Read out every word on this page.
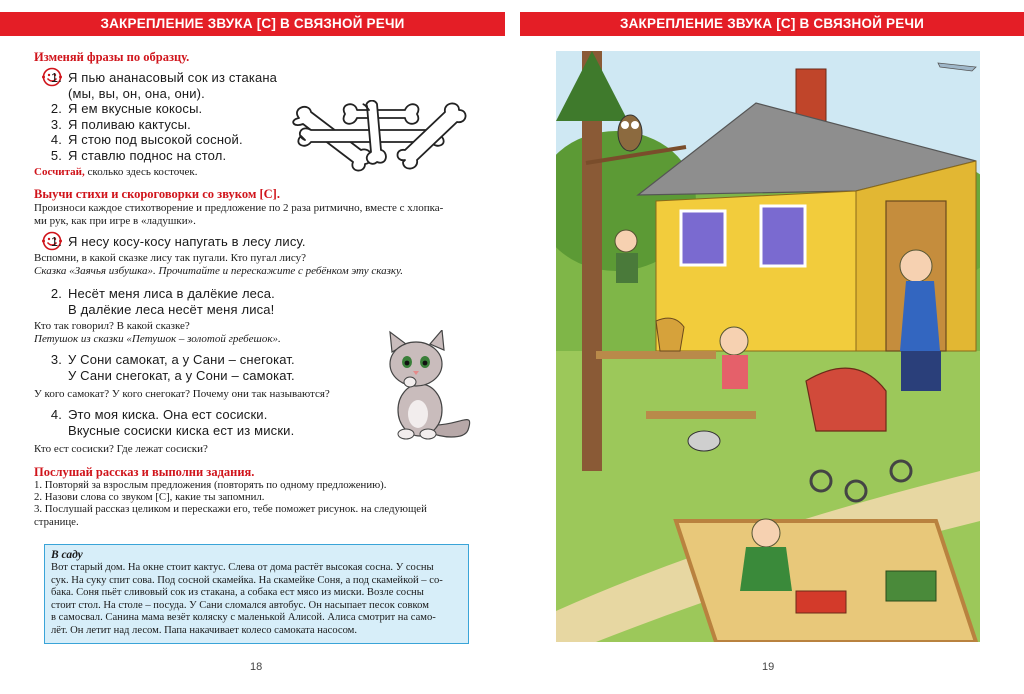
ЗАКРЕПЛЕНИЕ ЗВУКА [С] В СВЯЗНОЙ РЕЧИ	ЗАКРЕПЛЕНИЕ ЗВУКА [С] В СВЯЗНОЙ РЕЧИ
Изменяй фразы по образцу.
1. Я пью ананасовый сок из стакана
(мы, вы, он, она, они).
2. Я ем вкусные кокосы.
3. Я поливаю кактусы.
4. Я стою под высокой сосной.
5. Я ставлю поднос на стол.
Сосчитай, сколько здесь косточек.
Выучи стихи и скороговорки со звуком [С].
Произноси каждое стихотворение и предложение по 2 раза ритмично, вместе с хлопка-
ми рук, как при игре в «ладушки».
1. Я несу косу-косу напугать в лесу лису.
Вспомни, в какой сказке лису так пугали. Кто пугал лису?
Сказка «Заячья избушка». Прочитайте и перескажите с ребёнком эту сказку.
2. Несёт меня лиса в далёкие леса.
В далёкие леса несёт меня лиса!
Кто так говорил? В какой сказке?
Петушок из сказки «Петушок – золотой гребешок».
3. У Сони самокат, а у Сани – снегокат.
У Сани снегокат, а у Сони – самокат.
У кого самокат? У кого снегокат? Почему они так называются?
4. Это моя киска. Она ест сосиски.
Вкусные сосиски киска ест из миски.
Кто ест сосиски? Где лежат сосиски?
Послушай рассказ и выполни задания.
1. Повторяй за взрослым предложения (повторять по одному предложению).
2. Назови слова со звуком [С], какие ты запомнил.
3. Послушай рассказ целиком и перескажи его, тебе поможет рисунок. на следующей
страницe.
В саду
Вот старый дом. На окне стоит кактус. Слева от дома растёт высокая сосна. У сосны
сук. На суку спит сова. Под сосной скамейка. На скамейке Соня, а под скамейкой – со-
бака. Соня пьёт сливовый сок из стакана, а собака ест мясо из миски. Возле сосны
стоит стол. На столе – посуда. У Сани сломался автобус. Он насыпает песок совком
в самосвал. Санина мама везёт коляску с маленькой Алисой. Алиса смотрит на само-
лёт. Он летит над лесом. Папа накачивает колесо самоката насосом.
18	19
